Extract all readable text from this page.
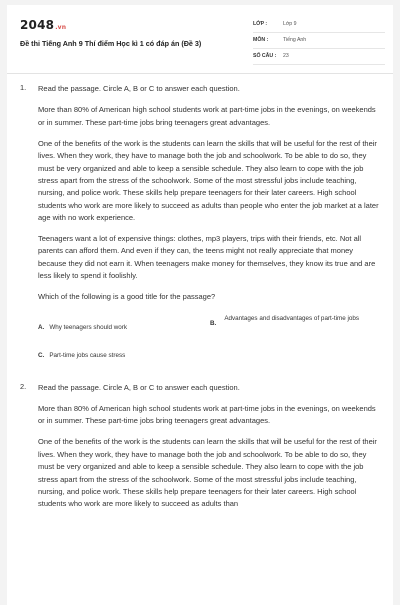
2048.vn
Đề thi Tiếng Anh 9 Thí điểm Học kì 1 có đáp án (Đề 3)
LỚP :	Lớp 9
MÔN :	Tiếng Anh
SỐ CÂU : 23
1. Read the passage. Circle A, B or C to answer each question.

More than 80% of American high school students work at part-time jobs in the evenings, on weekends or in summer. These part-time jobs bring teenagers great advantages.

One of the benefits of the work is the students can learn the skills that will be useful for the rest of their lives. When they work, they have to manage both the job and schoolwork. To be able to do so, they must be very organized and able to keep a sensible schedule. They also learn to cope with the job stress apart from the stress of the schoolwork. Some of the most stressful jobs include teaching, nursing, and police work. These skills help prepare teenagers for their later careers. High school students who work are more likely to succeed as adults than people who enter the job market at a later age with no work experience.

Teenagers want a lot of expensive things: clothes, mp3 players, trips with their friends, etc. Not all parents can afford them. And even if they can, the teens might not really appreciate that money because they did not earn it. When teenagers make money for themselves, they know its true and are less likely to spend it foolishly.

Which of the following is a good title for the passage?

A. Why teenagers should work
B.
Advantages and disadvantages of part-time jobs
C. Part-time jobs cause stress
2. Read the passage. Circle A, B or C to answer each question.

More than 80% of American high school students work at part-time jobs in the evenings, on weekends or in summer. These part-time jobs bring teenagers great advantages.

One of the benefits of the work is the students can learn the skills that will be useful for the rest of their lives. When they work, they have to manage both the job and schoolwork. To be able to do so, they must be very organized and able to keep a sensible schedule. They also learn to cope with the job stress apart from the stress of the schoolwork. Some of the most stressful jobs include teaching, nursing, and police work. These skills help prepare teenagers for their later careers. High school students who work are more likely to succeed as adults than
